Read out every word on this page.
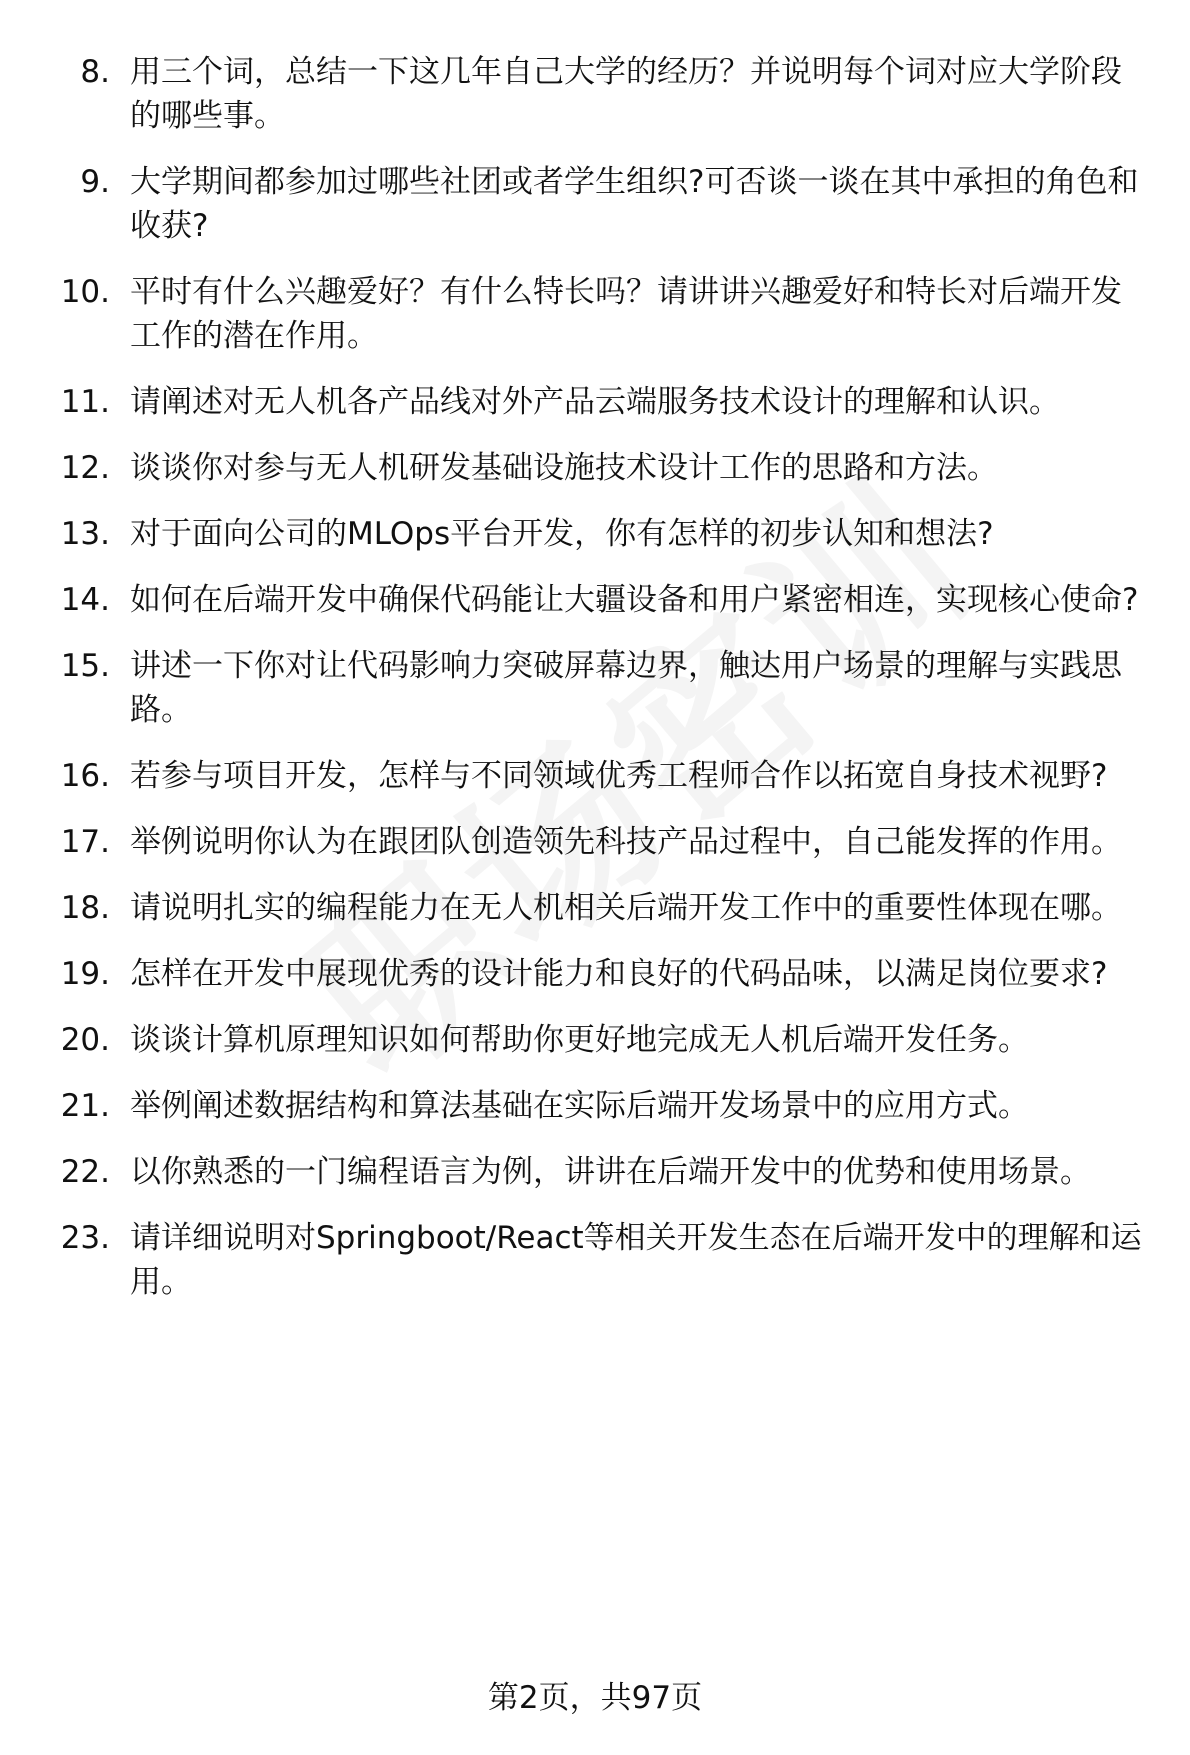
8. 用三个词，总结一下这几年自己大学的经历？并说明每个词对应大学阶段的哪些事。
9. 大学期间都参加过哪些社团或者学生组织?可否谈一谈在其中承担的角色和收获?
10. 平时有什么兴趣爱好？有什么特长吗？请讲讲兴趣爱好和特长对后端开发工作的潜在作用。
11. 请阐述对无人机各产品线对外产品云端服务技术设计的理解和认识。
12. 谈谈你对参与无人机研发基础设施技术设计工作的思路和方法。
13. 对于面向公司的MLOps平台开发，你有怎样的初步认知和想法?
14. 如何在后端开发中确保代码能让大疆设备和用户紧密相连，实现核心使命?
15. 讲述一下你对让代码影响力突破屏幕边界，触达用户场景的理解与实践思路。
16. 若参与项目开发，怎样与不同领域优秀工程师合作以拓宽自身技术视野?
17. 举例说明你认为在跟团队创造领先科技产品过程中，自己能发挥的作用。
18. 请说明扎实的编程能力在无人机相关后端开发工作中的重要性体现在哪。
19. 怎样在开发中展现优秀的设计能力和良好的代码品味，以满足岗位要求?
20. 谈谈计算机原理知识如何帮助你更好地完成无人机后端开发任务。
21. 举例阐述数据结构和算法基础在实际后端开发场景中的应用方式。
22. 以你熟悉的一门编程语言为例，讲讲在后端开发中的优势和使用场景。
23. 请详细说明对Springboot/React等相关开发生态在后端开发中的理解和运用。
第2页，共97页
